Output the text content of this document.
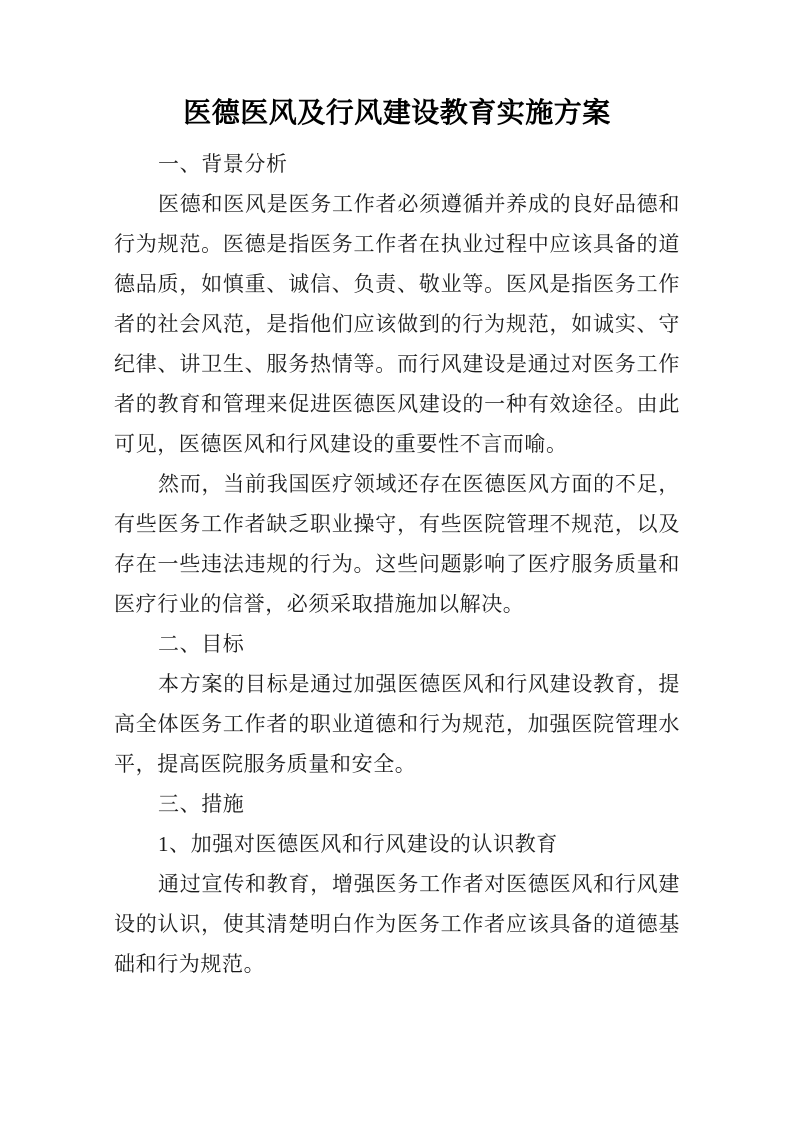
医德医风及行风建设教育实施方案

一、背景分析

医德和医风是医务工作者必须遵循并养成的良好品德和行为规范。医德是指医务工作者在执业过程中应该具备的道德品质，如慎重、诚信、负责、敬业等。医风是指医务工作者的社会风范，是指他们应该做到的行为规范，如诚实、守纪律、讲卫生、服务热情等。而行风建设是通过对医务工作者的教育和管理来促进医德医风建设的一种有效途径。由此可见，医德医风和行风建设的重要性不言而喻。

然而，当前我国医疗领域还存在医德医风方面的不足，有些医务工作者缺乏职业操守，有些医院管理不规范，以及存在一些违法违规的行为。这些问题影响了医疗服务质量和医疗行业的信誉，必须采取措施加以解决。

二、目标

本方案的目标是通过加强医德医风和行风建设教育，提高全体医务工作者的职业道德和行为规范，加强医院管理水平，提高医院服务质量和安全。

三、措施

1、加强对医德医风和行风建设的认识教育

通过宣传和教育，增强医务工作者对医德医风和行风建设的认识，使其清楚明白作为医务工作者应该具备的道德基础和行为规范。
